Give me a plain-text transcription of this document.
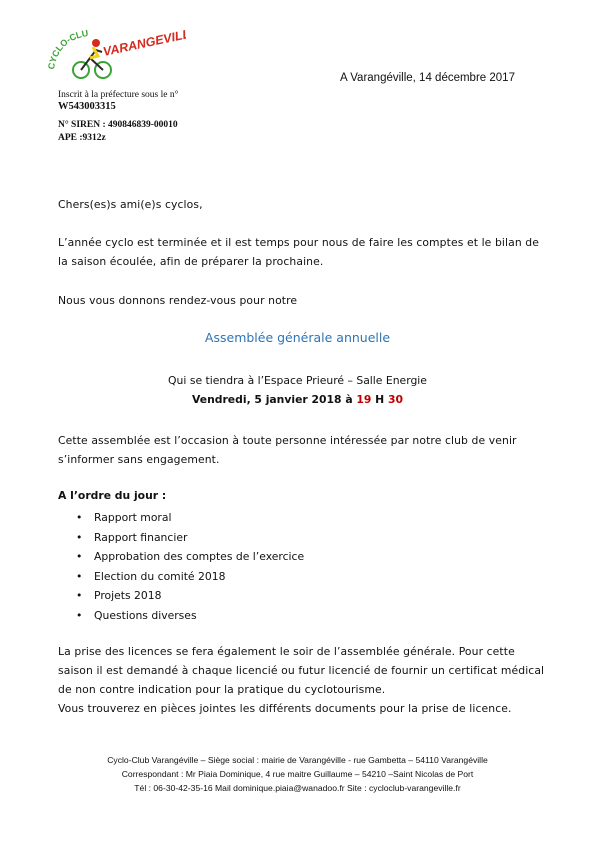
CYCLO-CLU VARANGEVILLE
A Varangéville, 14 décembre 2017
Inscrit à la préfecture sous le n°
W543003315
N° SIREN : 490846839-00010
APE :9312z
Chers(es)s ami(e)s cyclos,
L’année cyclo est terminée et il est temps pour nous de faire les comptes et le bilan de la saison écoulée, afin de préparer la prochaine.
Nous vous donnons rendez-vous pour notre
Assemblée générale annuelle
Qui se tiendra à l’Espace Prieuré – Salle Energie
Vendredi, 5 janvier 2018 à 19 H 30
Cette assemblée est l’occasion à toute personne intéressée par notre club de venir s’informer sans engagement.
A l’ordre du jour :
• Rapport moral
• Rapport financier
• Approbation des comptes de l’exercice
• Election du comité 2018
• Projets 2018
• Questions diverses
La prise des licences se fera également le soir de l’assemblée générale. Pour cette saison il est demandé à chaque licencié ou futur licencié de fournir un certificat médical de non contre indication pour la pratique du cyclotourisme.
Vous trouverez en pièces jointes les différents documents pour la prise de licence.
Cyclo-Club Varangéville – Siège social : mairie de Varangéville - rue Gambetta – 54110 Varangéville
Correspondant : Mr Piaia Dominique, 4 rue maitre Guillaume – 54210 –Saint Nicolas de Port
Tél : 06-30-42-35-16 Mail dominique.piaia@wanadoo.fr Site : cycloclub-varangeville.fr
